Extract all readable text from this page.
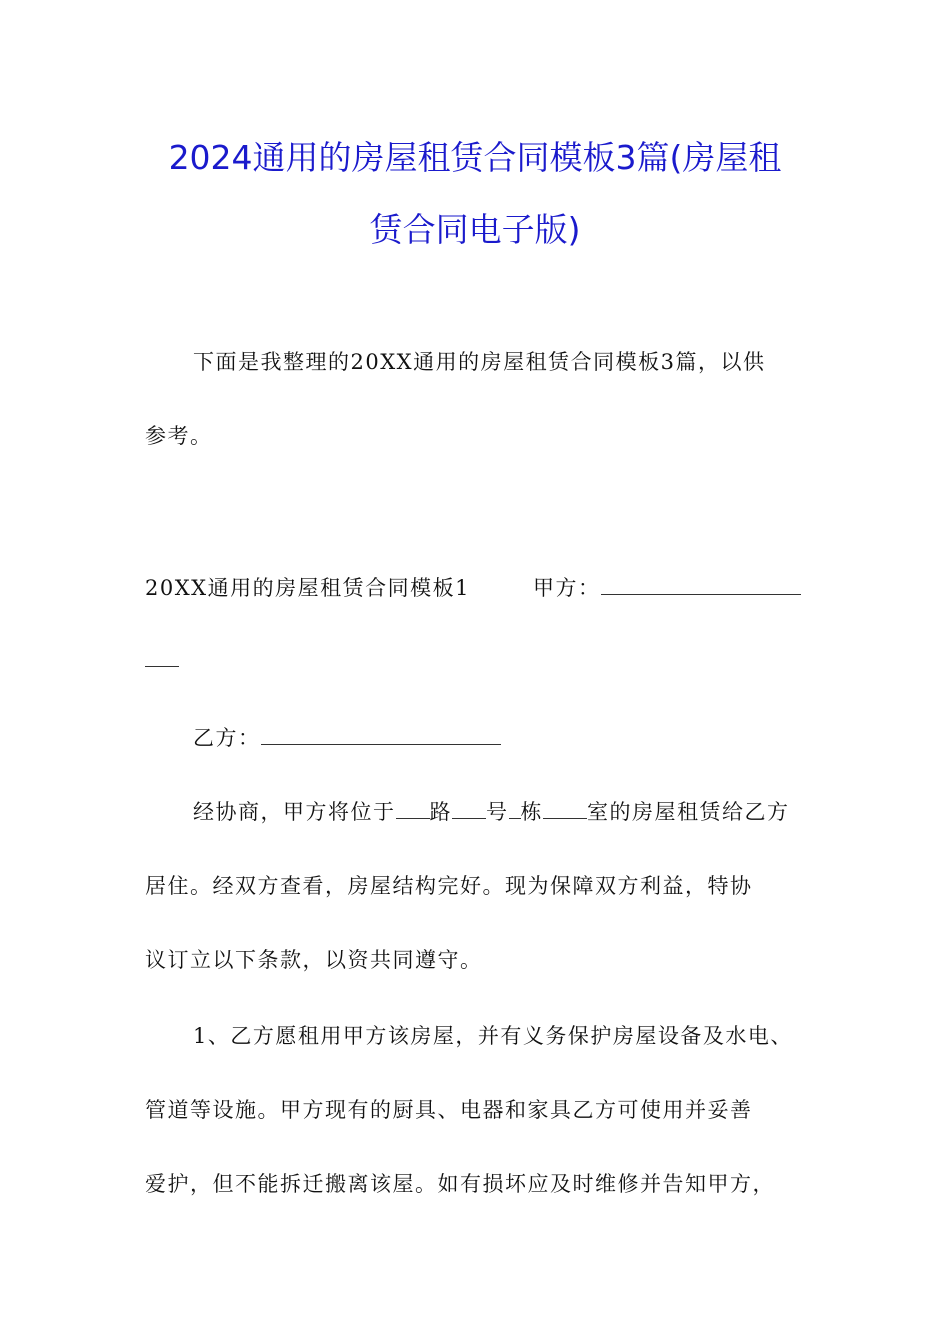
2024通用的房屋租赁合同模板3篇(房屋租
赁合同电子版)
下面是我整理的20XX通用的房屋租赁合同模板3篇，以供
参考。
20XX通用的房屋租赁合同模板1	甲方：
乙方：
经协商，甲方将位于 路 号 栋 室的房屋租赁给乙方
居住。经双方查看，房屋结构完好。现为保障双方利益，特协
议订立以下条款，以资共同遵守。
1、乙方愿租用甲方该房屋，并有义务保护房屋设备及水电、
管道等设施。甲方现有的厨具、电器和家具乙方可使用并妥善
爱护，但不能拆迁搬离该屋。如有损坏应及时维修并告知甲方，
